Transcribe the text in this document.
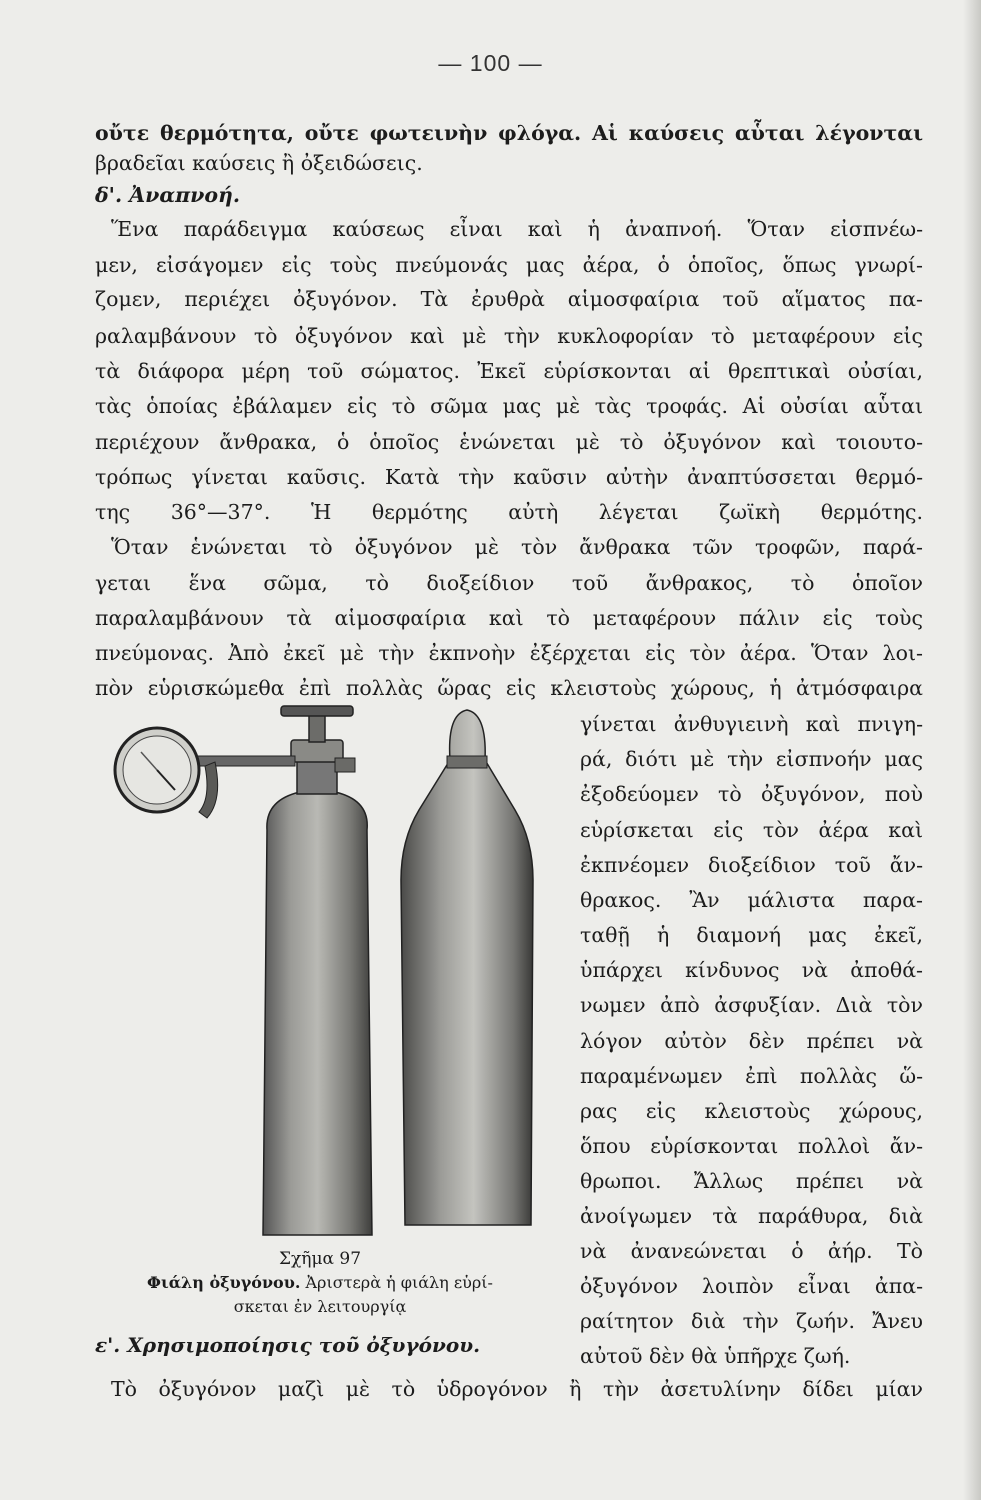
— 100 —
οὔτε θερμότητα, οὔτε φωτεινὴν φλόγα. Αἱ καύσεις αὗται λέγονται
βραδεῖαι καύσεις ἢ ὀξειδώσεις.
δ'. Ἀναπνοή.
Ἕνα παράδειγμα καύσεως εἶναι καὶ ἡ ἀναπνοή. Ὅταν εἰσπνέω-
μεν, εἰσάγομεν εἰς τοὺς πνεύμονάς μας ἀέρα, ὁ ὁποῖος, ὅπως γνωρί-
ζομεν, περιέχει ὀξυγόνον. Τὰ ἐρυθρὰ αἱμοσφαίρια τοῦ αἵματος πα-
ραλαμβάνουν τὸ ὀξυγόνον καὶ μὲ τὴν κυκλοφορίαν τὸ μεταφέρουν εἰς
τὰ διάφορα μέρη τοῦ σώματος. Ἐκεῖ εὑρίσκονται αἱ θρεπτικαὶ οὐσίαι,
τὰς ὁποίας ἐβάλαμεν εἰς τὸ σῶμα μας μὲ τὰς τροφάς. Αἱ οὐσίαι αὗται
περιέχουν ἄνθρακα, ὁ ὁποῖος ἑνώνεται μὲ τὸ ὀξυγόνον καὶ τοιουτο-
τρόπως γίνεται καῦσις. Κατὰ τὴν καῦσιν αὐτὴν ἀναπτύσσεται θερμό-
της 36°—37°. Ἡ θερμότης αὐτὴ λέγεται ζωϊκὴ θερμότης.
Ὅταν ἑνώνεται τὸ ὀξυγόνον μὲ τὸν ἄνθρακα τῶν τροφῶν, παρά-
γεται ἕνα σῶμα, τὸ διοξείδιον τοῦ ἄνθρακος, τὸ ὁποῖον
παραλαμβάνουν τὰ αἱμοσφαίρια καὶ τὸ μεταφέρουν πάλιν εἰς τοὺς
πνεύμονας. Ἀπὸ ἐκεῖ μὲ τὴν ἐκπνοὴν ἐξέρχεται εἰς τὸν ἀέρα. Ὅταν λοι-
πὸν εὑρισκώμεθα ἐπὶ πολλὰς ὥρας εἰς κλειστοὺς χώρους, ἡ ἀτμόσφαιρα
γίνεται ἀνθυγιεινὴ καὶ πνιγη-
ρά, διότι μὲ τὴν εἰσπνοήν μας
ἐξοδεύομεν τὸ ὀξυγόνον, ποὺ
εὑρίσκεται εἰς τὸν ἀέρα καὶ
ἐκπνέομεν διοξείδιον τοῦ ἄν-
θρακος. Ἂν μάλιστα παρα-
ταθῇ ἡ διαμονή μας ἐκεῖ,
ὑπάρχει κίνδυνος νὰ ἀποθά-
νωμεν ἀπὸ ἀσφυξίαν. Διὰ τὸν
λόγον αὐτὸν δὲν πρέπει νὰ
παραμένωμεν ἐπὶ πολλὰς ὥ-
ρας εἰς κλειστοὺς χώρους,
ὅπου εὑρίσκονται πολλοὶ ἄν-
θρωποι. Ἄλλως πρέπει νὰ
ἀνοίγωμεν τὰ παράθυρα, διὰ
νὰ ἀνανεώνεται ὁ ἀήρ. Τὸ
ὀξυγόνον λοιπὸν εἶναι ἀπα-
ραίτητον διὰ τὴν ζωήν. Ἄνευ
αὐτοῦ δὲν θὰ ὑπῆρχε ζωή.
Σχῆμα 97
Φιάλη ὀξυγόνου. Ἀριστερὰ ἡ φιάλη εὑρί-
σκεται ἐν λειτουργίᾳ
ε'. Χρησιμοποίησις τοῦ ὀξυγόνου.
Τὸ ὀξυγόνον μαζὶ μὲ τὸ ὑδρογόνον ἢ τὴν ἀσετυλίνην δίδει μίαν
